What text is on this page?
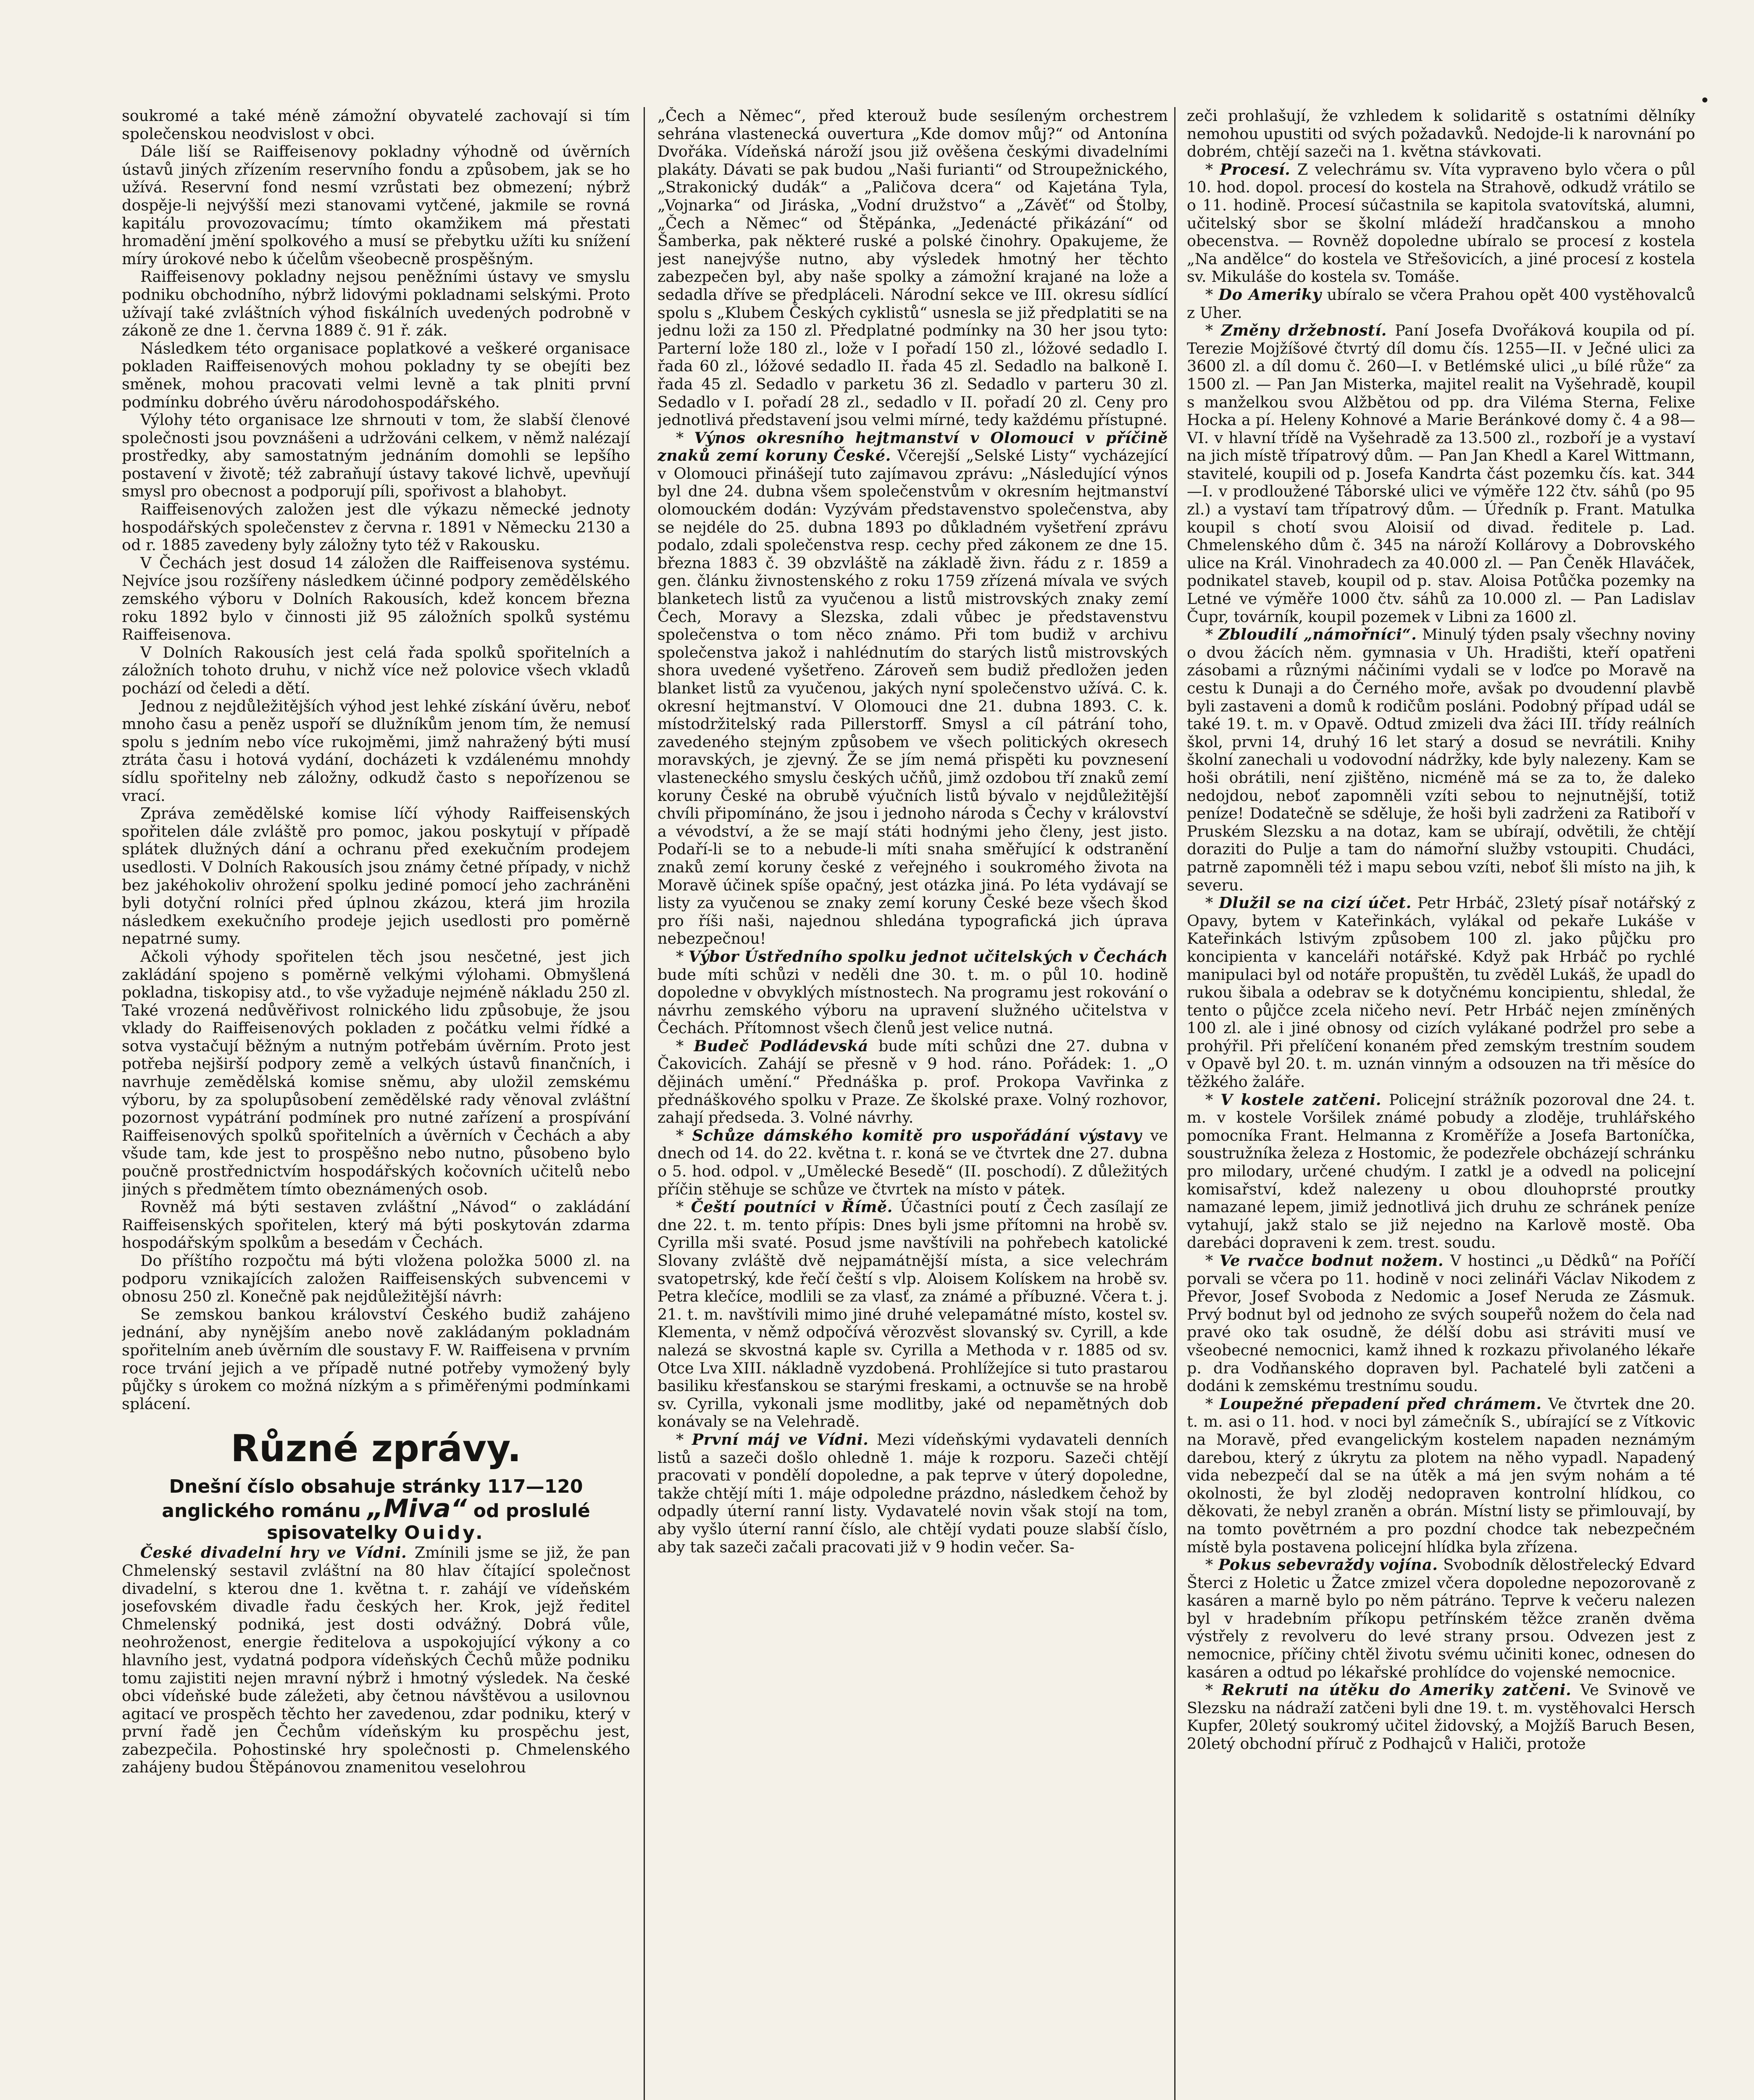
soukromé a také méně zámožní obyvatelé zachovají si tím společenskou neodvislost v obci.

Dále liší se Raiffeisenovy pokladny výhodně od úvěrních ústavů jiných zřízením reservního fondu a způsobem, jak se ho užívá. Reservní fond nesmí vzrůstati bez obmezení; nýbrž dospěje-li nejvýšší mezi stanovami vytčené, jakmile se rovná kapitálu provozovacímu; tímto okamžikem má přestati hromadění jmění spolkového a musí se přebytku užíti ku snížení míry úrokové nebo k účelům všeobecně prospěšným.

Raiffeisenovy pokladny nejsou peněžními ústavy ve smyslu podniku obchodního, nýbrž lidovými pokladnami selskými. Proto užívají také zvláštních výhod fiskálních uvedených podrobně v zákoně ze dne 1. června 1889 č. 91 ř. zák.

Následkem této organisace poplatkové a veškeré organisace pokladen Raiffeisenových mohou pokladny ty se obejíti bez směnek, mohou pracovati velmi levně a tak plniti první podmínku dobrého úvěru národohospodářského.

Výlohy této organisace lze shrnouti v tom, že slabší členové společnosti jsou povznášeni a udržováni celkem, v němž nalézají prostředky, aby samostatným jednáním domohli se lepšího postavení v životě; též zabraňují ústavy takové lichvě, upevňují smysl pro obecnost a podporují píli, spořivost a blahobyt.

Raiffeisenových založen jest dle výkazu německé jednoty hospodářských společenstev z června r. 1891 v Německu 2130 a od r. 1885 zavedeny byly záložny tyto též v Rakousku.

V Čechách jest dosud 14 záložen dle Raiffeisenova systému. Nejvíce jsou rozšířeny následkem účinné podpory zemědělského zemského výboru v Dolních Rakousích, kdež koncem března roku 1892 bylo v činnosti již 95 záložních spolků systému Raiffeisenova.

V Dolních Rakousích jest celá řada spolků spořitelních a záložních tohoto druhu, v nichž více než polovice všech vkladů pochází od čeledi a dětí.

Jednou z nejdůležitějších výhod jest lehké získání úvěru, neboť mnoho času a peněz uspoří se dlužníkům jenom tím, že nemusí spolu s jedním nebo více rukojměmi, jimž nahražený býti musí ztráta času i hotová vydání, docházeti k vzdálenému mnohdy sídlu spořitelny neb záložny, odkudž často s nepořízenou se vrací.

Zpráva zemědělské komise líčí výhody Raiffeisenských spořitelen dále zvláště pro pomoc, jakou poskytují v případě splátek dlužných dání a ochranu před exekučním prodejem usedlosti. V Dolních Rakousích jsou známy četné případy, v nichž bez jakéhokoliv ohrožení spolku jediné pomocí jeho zachráněni byli dotyční rolníci před úplnou zkázou, která jim hrozila následkem exekučního prodeje jejich usedlosti pro poměrně nepatrné sumy.

Ačkoli výhody spořitelen těch jsou nesčetné, jest jich zakládání spojeno s poměrně velkými výlohami. Obmyšlená pokladna, tiskopisy atd., to vše vyžaduje nejméně nákladu 250 zl. Také vrozená nedůvěřivost rolnického lidu způsobuje, že jsou vklady do Raiffeisenových pokladen z počátku velmi řídké a sotva vystačují běžným a nutným potřebám úvěrním. Proto jest potřeba nejširší podpory země a velkých ústavů finančních, i navrhuje zemědělská komise sněmu, aby uložil zemskému výboru, by za spolupůsobení zemědělské rady věnoval zvláštní pozornost vypátrání podmínek pro nutné zařízení a prospívání Raiffeisenových spolků spořitelních a úvěrních v Čechách a aby všude tam, kde jest to prospěšno nebo nutno, působeno bylo poučně prostřednictvím hospodářských kočovních učitelů nebo jiných s předmětem tímto obeznámených osob.

Rovněž má býti sestaven zvláštní „Návod“ o zakládání Raiffeisenských spořitelen, který má býti poskytován zdarma hospodářským spolkům a besedám v Čechách.

Do příštího rozpočtu má býti vložena položka 5000 zl. na podporu vznikajících založen Raiffeisenských subvencemi v obnosu 250 zl. Konečně pak nejdůležitější návrh:

Se zemskou bankou království Českého budiž zahájeno jednání, aby nynějším anebo nově zakládaným pokladnám spořitelním aneb úvěrním dle soustavy F. W. Raiffeisena v prvním roce trvání jejich a ve případě nutné potřeby vymožený byly půjčky s úrokem co možná nízkým a s přiměřenými podmínkami splácení.

Různé zprávy.

Dnešní číslo obsahuje stránky 117—120
anglického románu „Miva“ od proslulé
spisovatelky Ouidy.

České divadelní hry ve Vídni. Zmínili jsme se již, že pan Chmelenský sestavil zvláštní na 80 hlav čítající společnost divadelní, s kterou dne 1. května t. r. zahájí ve vídeňském josefovském divadle řadu českých her. Krok, jejž ředitel Chmelenský podniká, jest dosti odvážný. Dobrá vůle, neohroženost, energie ředitelova a uspokojující výkony a co hlavního jest, vydatná podpora vídeňských Čechů může podniku tomu zajistiti nejen mravní nýbrž i hmotný výsledek. Na české obci vídeňské bude záležeti, aby četnou návštěvou a usilovnou agitací ve prospěch těchto her zavedenou, zdar podniku, který v první řadě jen Čechům vídeňským ku prospěchu jest, zabezpečila. Pohostinské hry společnosti p. Chmelenského zahájeny budou Štěpánovou znamenitou veselohrou

„Čech a Němec“, před kterouž bude sesíleným orchestrem sehrána vlastenecká ouvertura „Kde domov můj?“ od Antonína Dvořáka. Vídeňská nároží jsou již ověšena českými divadelními plakáty. Dávati se pak budou „Naši furianti“ od Stroupežnického, „Strakonický dudák“ a „Paličova dcera“ od Kajetána Tyla, „Vojnarka“ od Jiráska, „Vodní družstvo“ a „Závěť“ od Štolby, „Čech a Němec“ od Štěpánka, „Jedenácté přikázání“ od Šamberka, pak některé ruské a polské činohry. Opakujeme, že jest nanejvýše nutno, aby výsledek hmotný her těchto zabezpečen byl, aby naše spolky a zámožní krajané na lože a sedadla dříve se předpláceli. Národní sekce ve III. okresu sídlící spolu s „Klubem Českých cyklistů“ usnesla se již předplatiti se na jednu loži za 150 zl. Předplatné podmínky na 30 her jsou tyto: Parterní lože 180 zl., lože v I pořadí 150 zl., lóžové sedadlo I. řada 60 zl., lóžové sedadlo II. řada 45 zl. Sedadlo na balkoně I. řada 45 zl. Sedadlo v parketu 36 zl. Sedadlo v parteru 30 zl. Sedadlo v I. pořadí 28 zl., sedadlo v II. pořadí 20 zl. Ceny pro jednotlivá představení jsou velmi mírné, tedy každému přístupné.

* Výnos okresního hejtmanství v Olomouci v příčině znaků zemí koruny České. Včerejší „Selské Listy“ vycházející v Olomouci přinášejí tuto zajímavou zprávu: „Následující výnos byl dne 24. dubna všem společenstvům v okresním hejtmanství olomouckém dodán: Vyzývám představenstvo společenstva, aby se nejdéle do 25. dubna 1893 po důkladném vyšetření zprávu podalo, zdali společenstva resp. cechy před zákonem ze dne 15. března 1883 č. 39 obzvláště na základě živn. řádu z r. 1859 a gen. článku živnostenského z roku 1759 zřízená mívala ve svých blanketech listů za vyučenou a listů mistrovských znaky zemí Čech, Moravy a Slezska, zdali vůbec je představenstvu společenstva o tom něco známo. Při tom budiž v archivu společenstva jakož i nahlédnutím do starých listů mistrovských shora uvedené vyšetřeno. Zároveň sem budiž předložen jeden blanket listů za vyučenou, jakých nyní společenstvo užívá. C. k. okresní hejtmanství. V Olomouci dne 21. dubna 1893. C. k. místodržitelský rada Pillerstorff. Smysl a cíl pátrání toho, zavedeného stejným způsobem ve všech politických okresech moravských, je zjevný. Že se jím nemá přispěti ku povznesení vlasteneckého smyslu českých učňů, jimž ozdobou tří znaků zemí koruny České na obrubě výučních listů bývalo v nejdůležitější chvíli připomínáno, že jsou i jednoho národa s Čechy v království a vévodství, a že se mají státi hodnými jeho členy, jest jisto. Podaří-li se to a nebude-li míti snaha směřující k odstranění znaků zemí koruny české z veřejného i soukromého života na Moravě účinek spíše opačný, jest otázka jiná. Po léta vydávají se listy za vyučenou se znaky zemí koruny České beze všech škod pro říši naši, najednou shledána typografická jich úprava nebezpečnou!

* Výbor Ústředního spolku jednot učitelských v Čechách bude míti schůzi v neděli dne 30. t. m. o půl 10. hodině dopoledne v obvyklých místnostech. Na programu jest rokování o návrhu zemského výboru na upravení služného učitelstva v Čechách. Přítomnost všech členů jest velice nutná.

* Budeč Podládevská bude míti schůzi dne 27. dubna v Čakovicích. Zahájí se přesně v 9 hod. ráno. Pořádek: 1. „O dějinách umění.“ Přednáška p. prof. Prokopa Vavřinka z přednáškového spolku v Praze. Ze školské praxe. Volný rozhovor, zahají předseda. 3. Volné návrhy.

* Schůze dámského komitě pro uspořádání výstavy ve dnech od 14. do 22. května t. r. koná se ve čtvrtek dne 27. dubna o 5. hod. odpol. v „Umělecké Besedě“ (II. poschodí). Z důležitých příčin stěhuje se schůze ve čtvrtek na místo v pátek.

* Čeští poutníci v Římě. Účastníci poutí z Čech zasílají ze dne 22. t. m. tento přípis: Dnes byli jsme přítomni na hrobě sv. Cyrilla mši svaté. Posud jsme navštívili na pohřebech katolické Slovany zvláště dvě nejpamátnější místa, a sice velechrám svatopetrský, kde řečí čeští s vlp. Aloisem Kolískem na hrobě sv. Petra klečíce, modlili se za vlasť, za známé a příbuzné. Včera t. j. 21. t. m. navštívili mimo jiné druhé velepamátné místo, kostel sv. Klementa, v němž odpočívá věrozvěst slovanský sv. Cyrill, a kde nalezá se skvostná kaple sv. Cyrilla a Methoda v r. 1885 od sv. Otce Lva XIII. nákladně vyzdobená. Prohlížejíce si tuto prastarou basiliku křesťanskou se starými freskami, a octnuvše se na hrobě sv. Cyrilla, vykonali jsme modlitby, jaké od nepamětných dob konávaly se na Velehradě.

* První máj ve Vídni. Mezi vídeňskými vydavateli denních listů a sazeči došlo ohledně 1. máje k rozporu. Sazeči chtějí pracovati v pondělí dopoledne, a pak teprve v úterý dopoledne, takže chtějí míti 1. máje odpoledne prázdno, následkem čehož by odpadly úterní ranní listy. Vydavatelé novin však stojí na tom, aby vyšlo úterní ranní číslo, ale chtějí vydati pouze slabší číslo, aby tak sazeči začali pracovati již v 9 hodin večer. Sa-

zeči prohlašují, že vzhledem k solidaritě s ostatními dělníky nemohou upustiti od svých požadavků. Nedojde-li k narovnání po dobrém, chtějí sazeči na 1. května stávkovati.

* Procesí. Z velechrámu sv. Víta vypraveno bylo včera o půl 10. hod. dopol. procesí do kostela na Strahově, odkudž vrátilo se o 11. hodině. Procesí súčastnila se kapitola svatovítská, alumni, učitelský sbor se školní mládeží hradčanskou a mnoho obecenstva. — Rovněž dopoledne ubíralo se procesí z kostela „Na andělce“ do kostela ve Střešovicích, a jiné procesí z kostela sv. Mikuláše do kostela sv. Tomáše.

* Do Ameriky ubíralo se včera Prahou opět 400 vystěhovalců z Uher.

* Změny držebností. Paní Josefa Dvořáková koupila od pí. Terezie Mojžíšové čtvrtý díl domu čís. 1255—II. v Ječné ulici za 3600 zl. a díl domu č. 260—I. v Betlémské ulici „u bílé růže“ za 1500 zl. — Pan Jan Misterka, majitel realit na Vyšehradě, koupil s manželkou svou Alžbětou od pp. dra Viléma Sterna, Felixe Hocka a pí. Heleny Kohnové a Marie Beránkové domy č. 4 a 98—VI. v hlavní třídě na Vyšehradě za 13.500 zl., rozboří je a vystaví na jich místě třípatrový dům. — Pan Jan Khedl a Karel Wittmann, stavitelé, koupili od p. Josefa Kandrta část pozemku čís. kat. 344—I. v prodloužené Táborské ulici ve výměře 122 čtv. sáhů (po 95 zl.) a vystaví tam třípatrový dům. — Úředník p. Frant. Matulka koupil s chotí svou Aloisií od divad. ředitele p. Lad. Chmelenského dům č. 345 na nároží Kollárovy a Dobrovského ulice na Král. Vinohradech za 40.000 zl. — Pan Čeněk Hlaváček, podnikatel staveb, koupil od p. stav. Aloisa Potůčka pozemky na Letné ve výměře 1000 čtv. sáhů za 10.000 zl. — Pan Ladislav Čupr, továrník, koupil pozemek v Libni za 1600 zl.

* Zbloudilí „námořníci“. Minulý týden psaly všechny noviny o dvou žácích něm. gymnasia v Uh. Hradišti, kteří opatřeni zásobami a různými náčiními vydali se v loďce po Moravě na cestu k Dunaji a do Černého moře, avšak po dvoudenní plavbě byli zastaveni a domů k rodičům posláni. Podobný případ udál se také 19. t. m. v Opavě. Odtud zmizeli dva žáci III. třídy reálních škol, prvni 14, druhý 16 let starý a dosud se nevrátili. Knihy školní zanechali u vodovodní nádržky, kde byly nalezeny. Kam se hoši obrátili, není zjištěno, nicméně má se za to, že daleko nedojdou, neboť zapomněli vzíti sebou to nejnutnější, totiž peníze! Dodatečně se sděluje, že hoši byli zadrženi za Ratiboří v Pruském Slezsku a na dotaz, kam se ubírají, odvětili, že chtějí doraziti do Pulje a tam do námořní služby vstoupiti. Chudáci, patrně zapomněli též i mapu sebou vzíti, neboť šli místo na jih, k severu.

* Dlužil se na cizí účet. Petr Hrbáč, 23letý písař notářský z Opavy, bytem v Kateřinkách, vylákal od pekaře Lukáše v Kateřinkách lstivým způsobem 100 zl. jako půjčku pro koncipienta v kanceláři notářské. Když pak Hrbáč po rychlé manipulaci byl od notáře propuštěn, tu zvěděl Lukáš, že upadl do rukou šibala a odebrav se k dotyčnému koncipientu, shledal, že tento o půjčce zcela ničeho neví. Petr Hrbáč nejen zmíněných 100 zl. ale i jiné obnosy od cizích vylákané podržel pro sebe a prohýřil. Při přelíčení konaném před zemským trestním soudem v Opavě byl 20. t. m. uznán vinným a odsouzen na tři měsíce do těžkého žaláře.

* V kostele zatčeni. Policejní strážník pozoroval dne 24. t. m. v kostele Voršilek známé pobudy a zloděje, truhlářského pomocníka Frant. Helmanna z Kroměříže a Josefa Bartoníčka, soustružníka železa z Hostomic, že podezřele obcházejí schránku pro milodary, určené chudým. I zatkl je a odvedl na policejní komisařství, kdež nalezeny u obou dlouhoprsté proutky namazané lepem, jimiž jednotlivá jich druhu ze schránek peníze vytahují, jakž stalo se již nejedno na Karlově mostě. Oba darebáci dopraveni k zem. trest. soudu.

* Ve rvačce bodnut nožem. V hostinci „u Dědků“ na Poříčí porvali se včera po 11. hodině v noci zelináři Václav Nikodem z Převor, Josef Svoboda z Nedomic a Josef Neruda ze Zásmuk. Prvý bodnut byl od jednoho ze svých soupeřů nožem do čela nad pravé oko tak osudně, že délší dobu asi stráviti musí ve všeobecné nemocnici, kamž ihned k rozkazu přivolaného lékaře p. dra Vodňanského dopraven byl. Pachatelé byli zatčeni a dodáni k zemskému trestnímu soudu.

* Loupežné přepadení před chrámem. Ve čtvrtek dne 20. t. m. asi o 11. hod. v noci byl zámečník S., ubírající se z Vítkovic na Moravě, před evangelickým kostelem napaden neznámým darebou, který z úkrytu za plotem na něho vypadl. Napadený vida nebezpečí dal se na útěk a má jen svým nohám a té okolnosti, že byl zloděj nedopraven kontrolní hlídkou, co děkovati, že nebyl zraněn a obrán. Místní listy se přimlouvají, by na tomto povětrném a pro pozdní chodce tak nebezpečném místě byla postavena policejní hlídka byla zřízena.

* Pokus sebevraždy vojína. Svobodník dělostřelecký Edvard Šterci z Holetic u Žatce zmizel včera dopoledne nepozorovaně z kasáren a marně bylo po něm pátráno. Teprve k večeru nalezen byl v hradebním příkopu petřínském těžce zraněn dvěma výstřely z revolveru do levé strany prsou. Odvezen jest z nemocnice, příčiny chtěl životu svému učiniti konec, odnesen do kasáren a odtud po lékařské prohlídce do vojenské nemocnice.

* Rekruti na útěku do Ameriky zatčeni. Ve Svinově ve Slezsku na nádraží zatčeni byli dne 19. t. m. vystěhovalci Hersch Kupfer, 20letý soukromý učitel židovský, a Mojžíš Baruch Besen, 20letý obchodní příruč z Podhajců v Haliči, protože
